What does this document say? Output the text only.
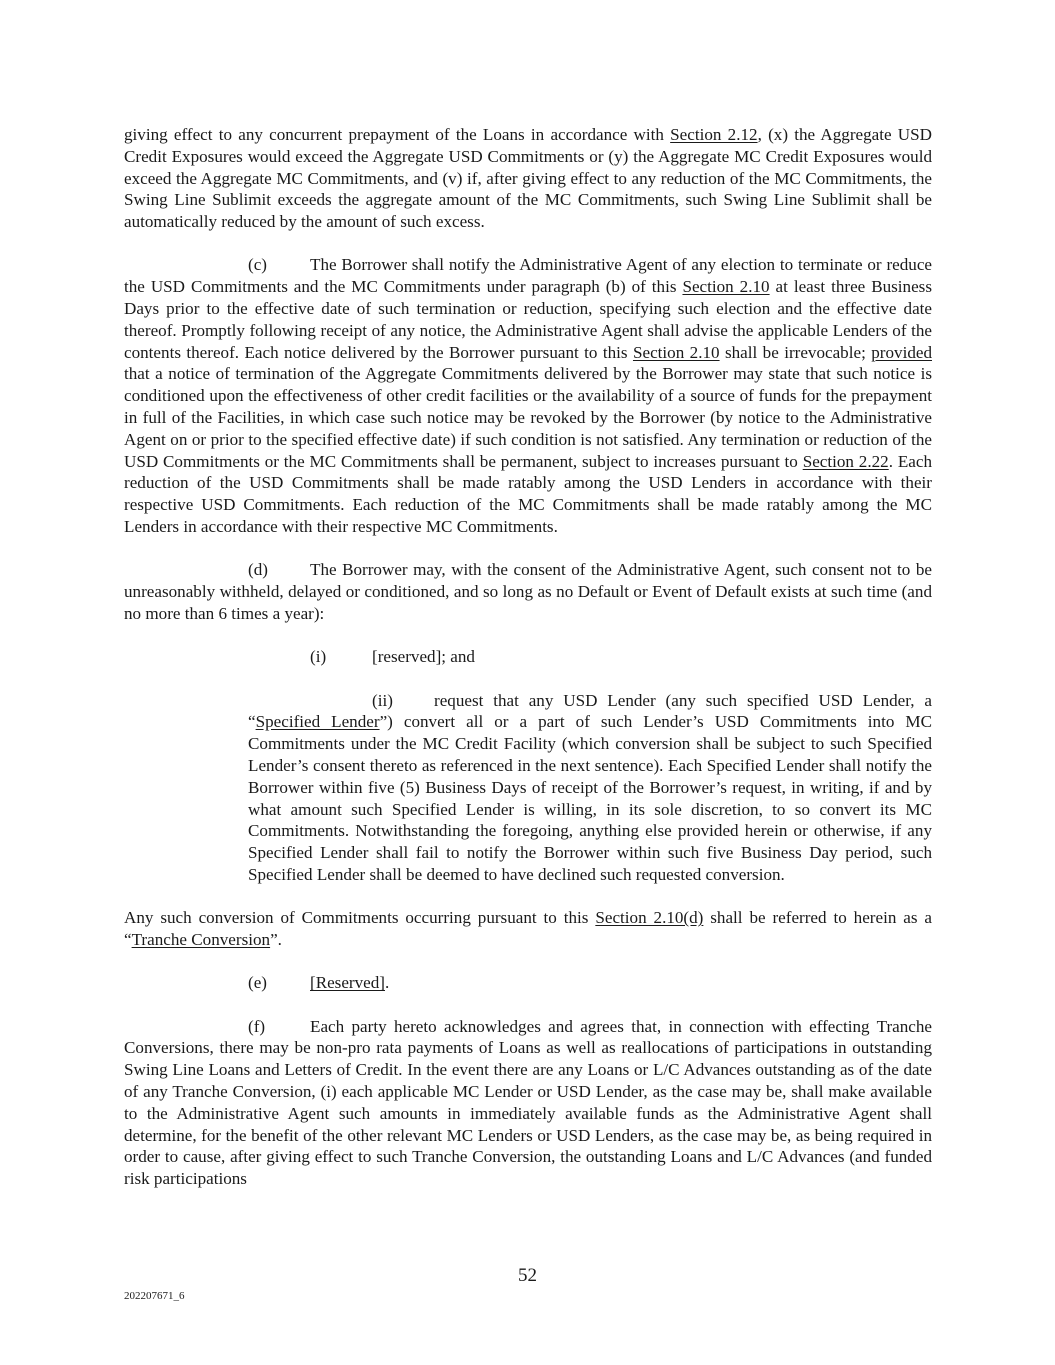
giving effect to any concurrent prepayment of the Loans in accordance with Section 2.12, (x) the Aggregate USD Credit Exposures would exceed the Aggregate USD Commitments or (y) the Aggregate MC Credit Exposures would exceed the Aggregate MC Commitments, and (v) if, after giving effect to any reduction of the MC Commitments, the Swing Line Sublimit exceeds the aggregate amount of the MC Commitments, such Swing Line Sublimit shall be automatically reduced by the amount of such excess.

(c)	The Borrower shall notify the Administrative Agent of any election to terminate or reduce the USD Commitments and the MC Commitments under paragraph (b) of this Section 2.10 at least three Business Days prior to the effective date of such termination or reduction, specifying such election and the effective date thereof. Promptly following receipt of any notice, the Administrative Agent shall advise the applicable Lenders of the contents thereof. Each notice delivered by the Borrower pursuant to this Section 2.10 shall be irrevocable; provided that a notice of termination of the Aggregate Commitments delivered by the Borrower may state that such notice is conditioned upon the effectiveness of other credit facilities or the availability of a source of funds for the prepayment in full of the Facilities, in which case such notice may be revoked by the Borrower (by notice to the Administrative Agent on or prior to the specified effective date) if such condition is not satisfied. Any termination or reduction of the USD Commitments or the MC Commitments shall be permanent, subject to increases pursuant to Section 2.22. Each reduction of the USD Commitments shall be made ratably among the USD Lenders in accordance with their respective USD Commitments. Each reduction of the MC Commitments shall be made ratably among the MC Lenders in accordance with their respective MC Commitments.

(d) The Borrower may, with the consent of the Administrative Agent, such consent not to be unreasonably withheld, delayed or conditioned, and so long as no Default or Event of Default exists at such time (and no more than 6 times a year):

(i)	[reserved]; and

(ii) request that any USD Lender (any such specified USD Lender, a “Specified Lender”) convert all or a part of such Lender’s USD Commitments into MC Commitments under the MC Credit Facility (which conversion shall be subject to such Specified Lender’s consent thereto as referenced in the next sentence). Each Specified Lender shall notify the Borrower within five (5) Business Days of receipt of the Borrower’s request, in writing, if and by what amount such Specified Lender is willing, in its sole discretion, to so convert its MC Commitments. Notwithstanding the foregoing, anything else provided herein or otherwise, if any Specified Lender shall fail to notify the Borrower within such five Business Day period, such Specified Lender shall be deemed to have declined such requested conversion.

Any such conversion of Commitments occurring pursuant to this Section 2.10(d) shall be referred to herein as a “Tranche Conversion”.

(e)	[Reserved].

(f)	Each party hereto acknowledges and agrees that, in connection with effecting Tranche Conversions, there may be non-pro rata payments of Loans as well as reallocations of participations in outstanding Swing Line Loans and Letters of Credit. In the event there are any Loans or L/C Advances outstanding as of the date of any Tranche Conversion, (i) each applicable MC Lender or USD Lender, as the case may be, shall make available to the Administrative Agent such amounts in immediately available funds as the Administrative Agent shall determine, for the benefit of the other relevant MC Lenders or USD Lenders, as the case may be, as being required in order to cause, after giving effect to such Tranche Conversion, the outstanding Loans and L/C Advances (and funded risk participations

52
202207671_6
